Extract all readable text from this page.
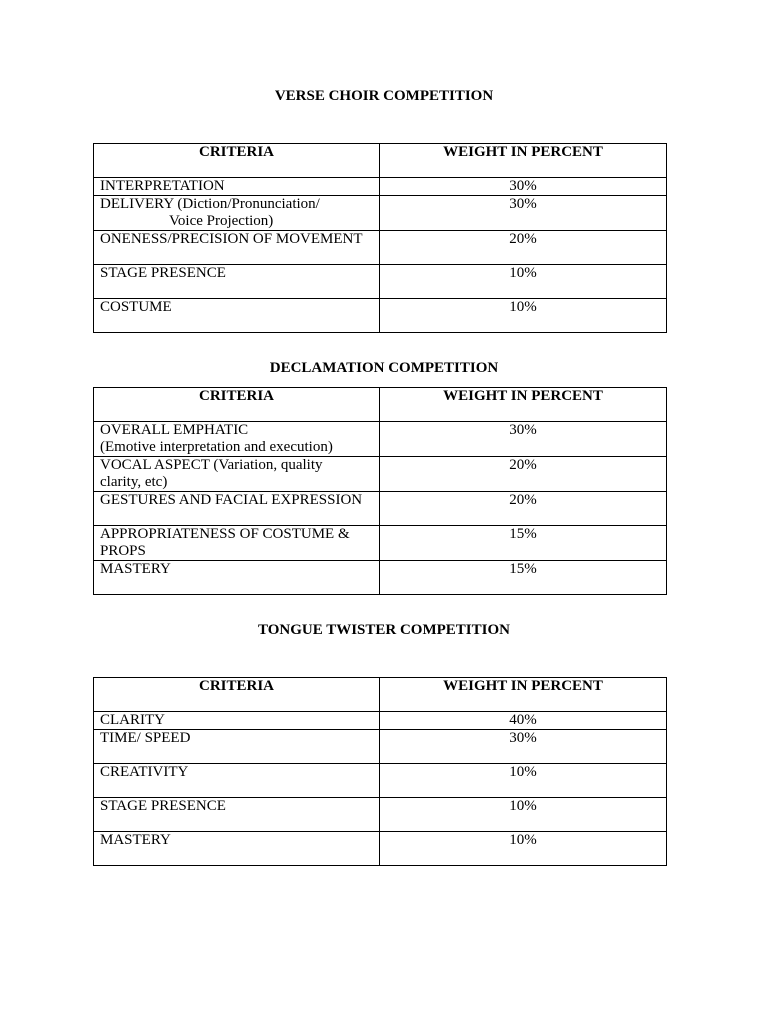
VERSE CHOIR COMPETITION
CRITERIA	WEIGHT IN PERCENT

INTERPRETATION	30%

DELIVERY (Diction/Pronunciation/
Voice Projection)	30%

ONENESS/PRECISION OF MOVEMENT	20%

STAGE PRESENCE	10%

COSTUME	10%
DECLAMATION COMPETITION
CRITERIA	WEIGHT IN PERCENT

OVERALL EMPHATIC
(Emotive interpretation and execution)	30%

VOCAL ASPECT (Variation, quality
clarity, etc)	20%

GESTURES AND FACIAL EXPRESSION	20%

APPROPRIATENESS OF COSTUME &
PROPS	15%

MASTERY	15%
TONGUE TWISTER COMPETITION
CRITERIA	WEIGHT IN PERCENT

CLARITY	40%

TIME/ SPEED	30%

CREATIVITY	10%

STAGE PRESENCE	10%

MASTERY	10%
